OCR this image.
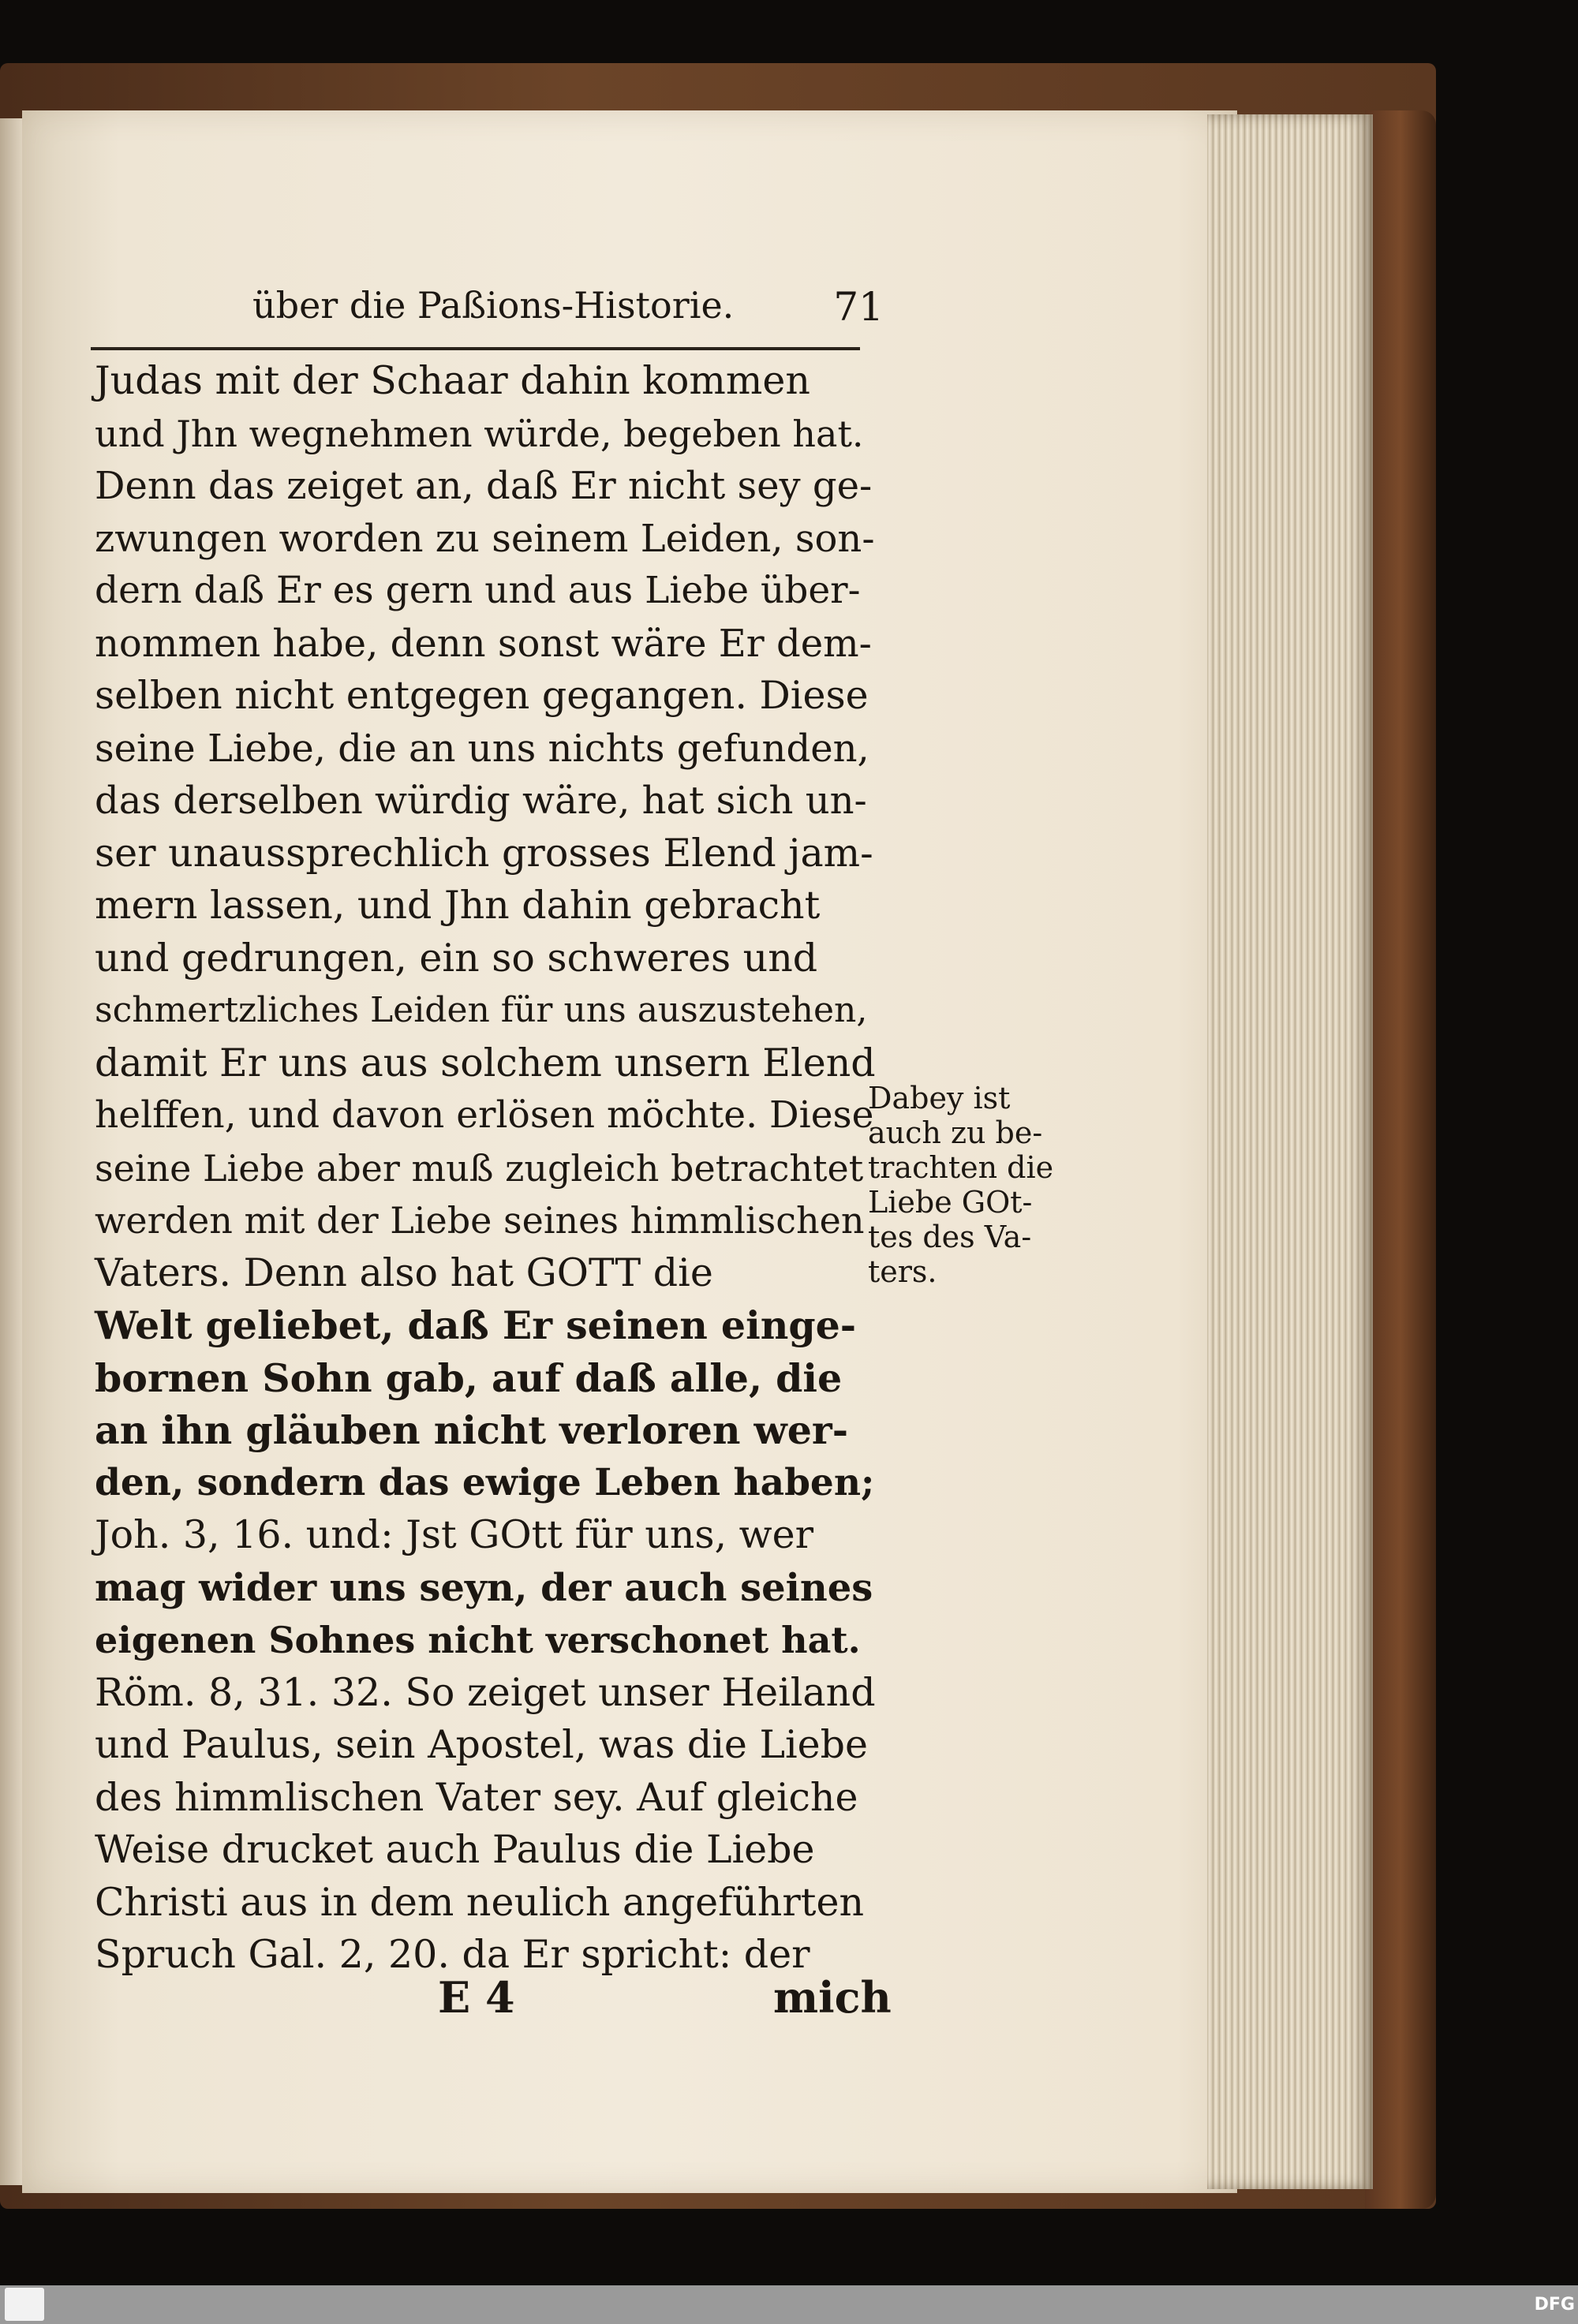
über die Paßions-Historie.	71
Judas mit der Schaar dahin kommen
und Jhn wegnehmen würde, begeben hat.
Denn das zeiget an, daß Er nicht sey ge-
zwungen worden zu seinem Leiden, son-
dern daß Er es gern und aus Liebe über-
nommen habe, denn sonst wäre Er dem-
selben nicht entgegen gegangen. Diese
seine Liebe, die an uns nichts gefunden,
das derselben würdig wäre, hat sich un-
ser unaussprechlich grosses Elend jam-
mern lassen, und Jhn dahin gebracht
und gedrungen, ein so schweres und
schmertzliches Leiden für uns auszustehen,
damit Er uns aus solchem unsern Elend
helffen, und davon erlösen möchte. Diese
seine Liebe aber muß zugleich betrachtet
werden mit der Liebe seines himmlischen
Vaters. Denn also hat GOTT die
Welt geliebet, daß Er seinen einge-
bornen Sohn gab, auf daß alle, die
an ihn gläuben nicht verloren wer-
den, sondern das ewige Leben haben;
Joh. 3, 16. und: Jst GOtt für uns, wer
mag wider uns seyn, der auch seines
eigenen Sohnes nicht verschonet hat.
Röm. 8, 31. 32. So zeiget unser Heiland
und Paulus, sein Apostel, was die Liebe
des himmlischen Vater sey. Auf gleiche
Weise drucket auch Paulus die Liebe
Christi aus in dem neulich angeführten
Spruch Gal. 2, 20. da Er spricht: der
Dabey ist
auch zu be-
trachten die
Liebe GOt-
tes des Va-
ters.
E 4	mich
DFG
